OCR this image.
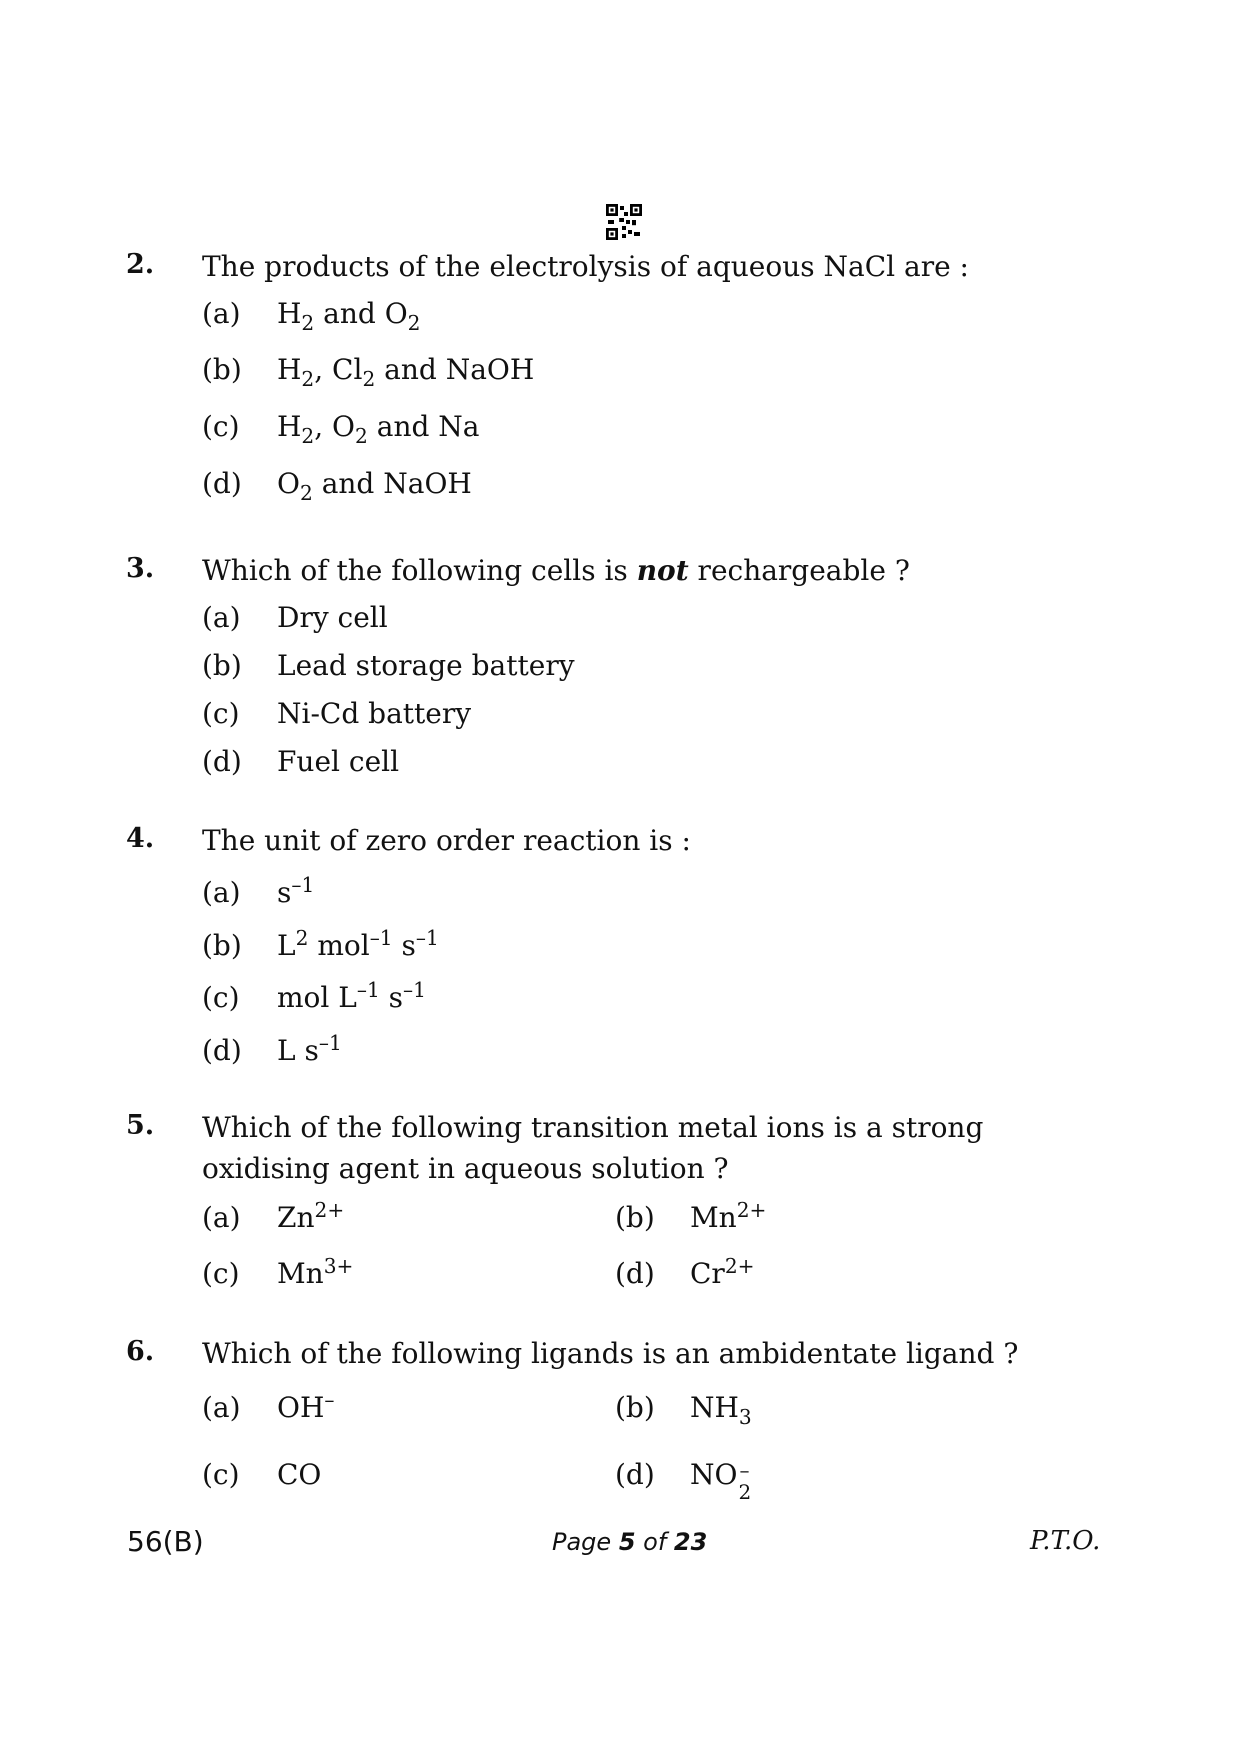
2. The products of the electrolysis of aqueous NaCl are :
(a)	$H_2$ and $O_2$
(b)	$H_2$, $Cl_2$ and NaOH
(c)	$H_2$, $O_2$ and Na
(d)	$O_2$ and NaOH
3. Which of the following cells is not rechargeable ?
(a)	Dry cell
(b)	Lead storage battery
(c)	Ni-Cd battery
(d)	Fuel cell
4. The unit of zero order reaction is :
(a)	$s^{-1}$
(b)	$L^2$ mol$^{-1}$ $s^{-1}$
(c)	mol $L^{-1}$ $s^{-1}$
(d)	L $s^{-1}$
5. Which of the following transition metal ions is a strong oxidising agent in aqueous solution ?
(a)	$Zn^{2+}$	(b)	$Mn^{2+}$
(c)	$Mn^{3+}$	(d)	$Cr^{2+}$
6. Which of the following ligands is an ambidentate ligand ?
(a)	OH–	(b)	$NH_3$
(c)	CO	(d)	NO –
2
56(B)	Page 5 of 23	P.T.O.
